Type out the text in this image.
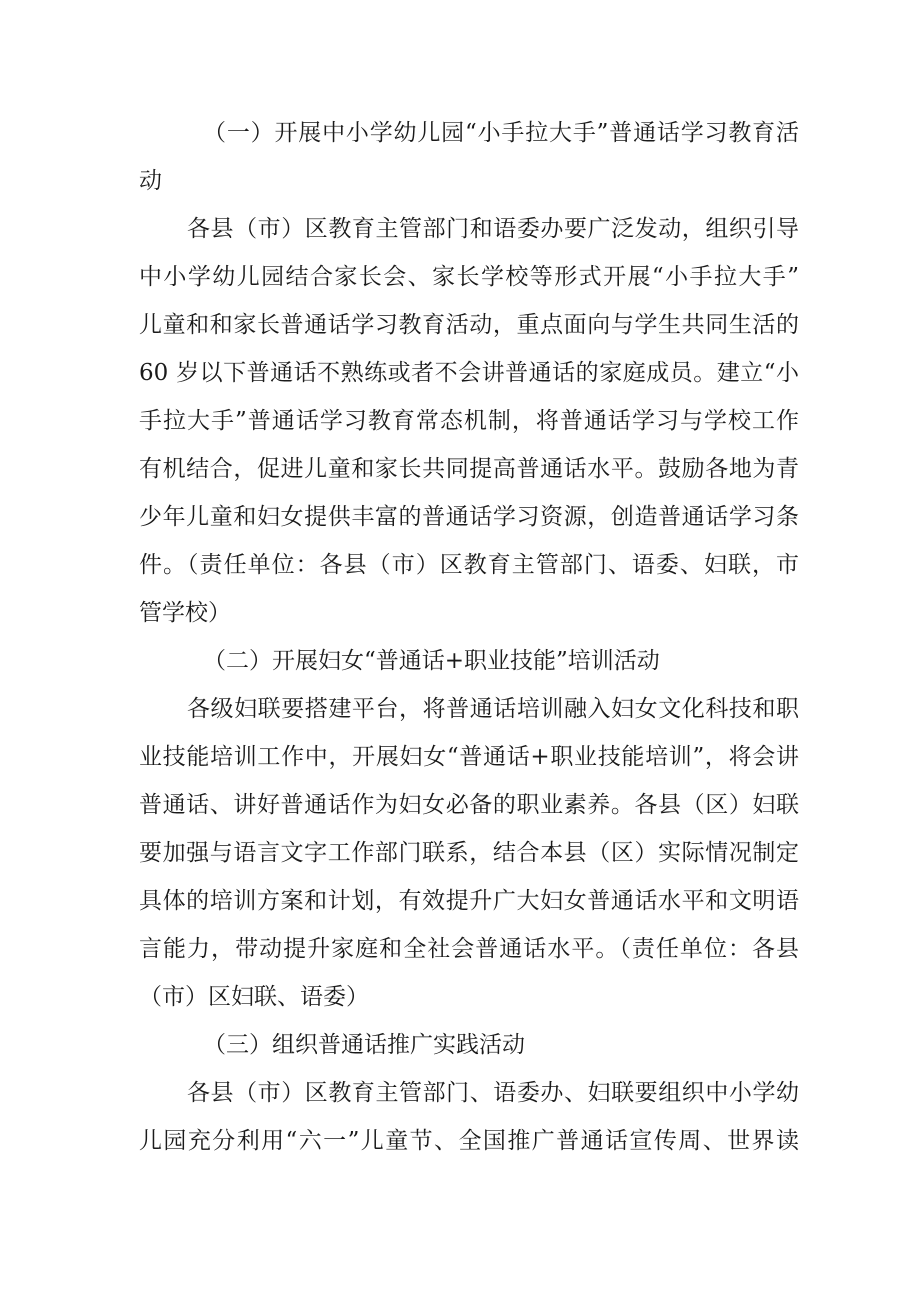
（一）开展中小学幼儿园“小手拉大手”普通话学习教育活
动
各县（市）区教育主管部门和语委办要广泛发动，组织引导
中小学幼儿园结合家长会、家长学校等形式开展“小手拉大手”
儿童和和家长普通话学习教育活动，重点面向与学生共同生活的
60 岁以下普通话不熟练或者不会讲普通话的家庭成员。建立“小
手拉大手”普通话学习教育常态机制，将普通话学习与学校工作
有机结合，促进儿童和家长共同提高普通话水平。鼓励各地为青
少年儿童和妇女提供丰富的普通话学习资源，创造普通话学习条
件。（责任单位：各县（市）区教育主管部门、语委、妇联，市
管学校）
（二）开展妇女“普通话+职业技能”培训活动
各级妇联要搭建平台，将普通话培训融入妇女文化科技和职
业技能培训工作中，开展妇女“普通话+职业技能培训”，将会讲
普通话、讲好普通话作为妇女必备的职业素养。各县（区）妇联
要加强与语言文字工作部门联系，结合本县（区）实际情况制定
具体的培训方案和计划，有效提升广大妇女普通话水平和文明语
言能力，带动提升家庭和全社会普通话水平。（责任单位：各县
（市）区妇联、语委）
（三）组织普通话推广实践活动
各县（市）区教育主管部门、语委办、妇联要组织中小学幼
儿园充分利用“六一”儿童节、全国推广普通话宣传周、世界读
